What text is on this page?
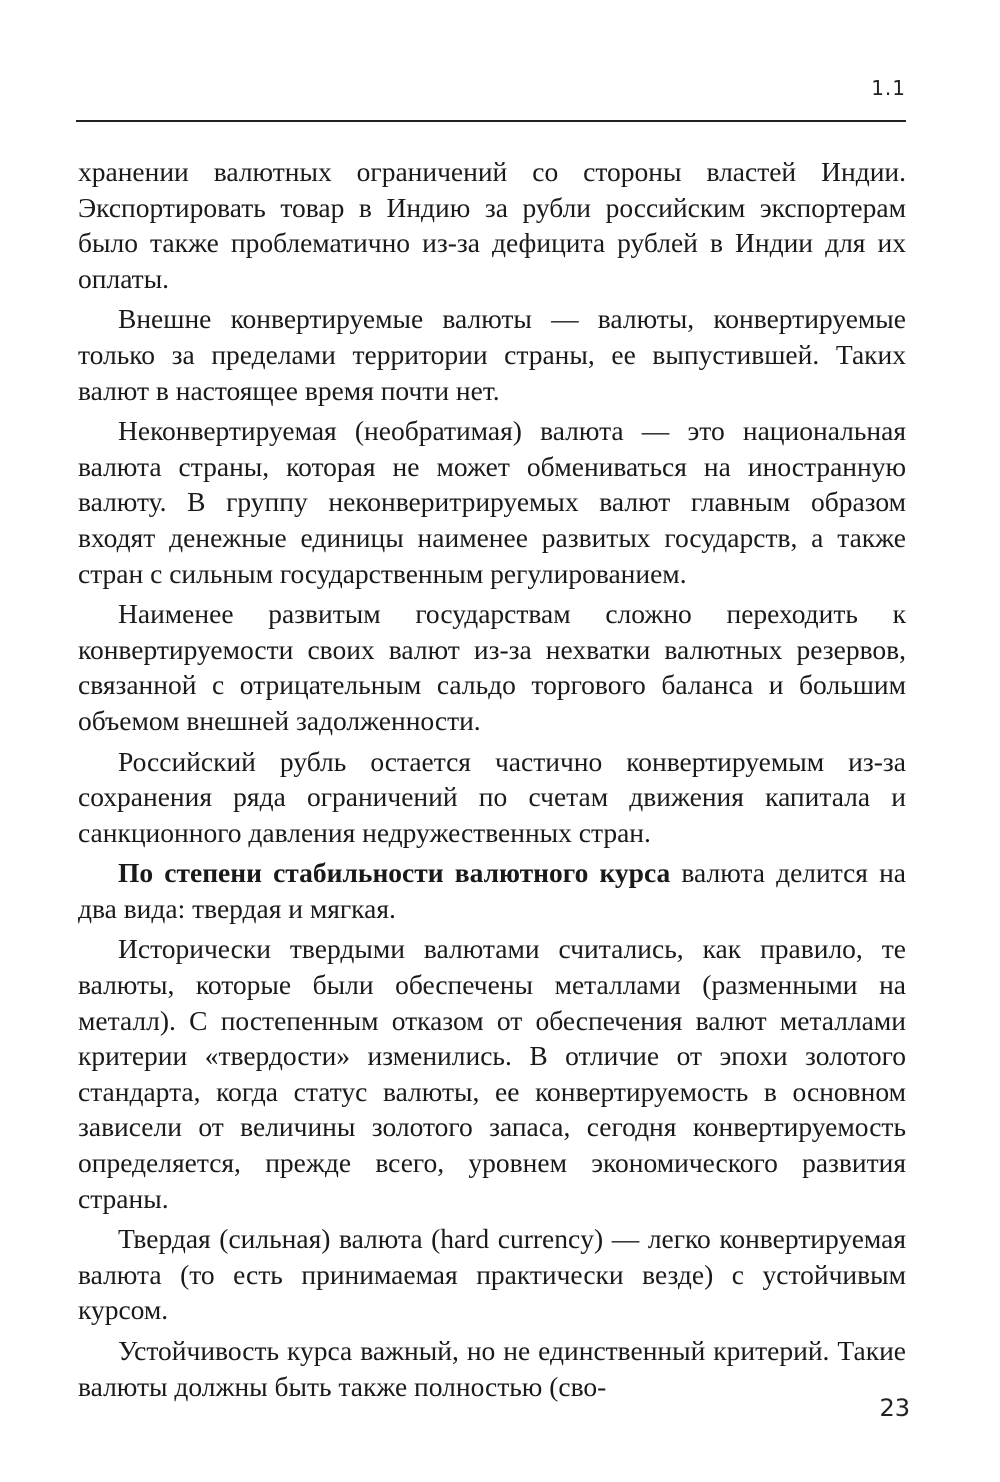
1.1

хранении валютных ограничений со стороны властей Индии. Экспортировать товар в Индию за рубли российским экспортерам было также проблематично из-за дефицита рублей в Индии для их оплаты.

Внешне конвертируемые валюты — валюты, конвертируемые только за пределами территории страны, ее выпустившей. Таких валют в настоящее время почти нет.

Неконвертируемая (необратимая) валюта — это национальная валюта страны, которая не может обмениваться на иностранную валюту. В группу неконверитрируемых валют главным образом входят денежные единицы наименее развитых государств, а также стран с сильным государственным регулированием.

Наименее развитым государствам сложно переходить к конвертируемости своих валют из-за нехватки валютных резервов, связанной с отрицательным сальдо торгового баланса и большим объемом внешней задолженности.

Российский рубль остается частично конвертируемым из-за сохранения ряда ограничений по счетам движения капитала и санкционного давления недружественных стран.

По степени стабильности валютного курса валюта делится на два вида: твердая и мягкая.

Исторически твердыми валютами считались, как правило, те валюты, которые были обеспечены металлами (разменными на металл). С постепенным отказом от обеспечения валют металлами критерии «твердости» изменились. В отличие от эпохи золотого стандарта, когда статус валюты, ее конвертируемость в основном зависели от величины золотого запаса, сегодня конвертируемость определяется, прежде всего, уровнем экономического развития страны.

Твердая (сильная) валюта (hard currency) — легко конвертируемая валюта (то есть принимаемая практически везде) с устойчивым курсом.

Устойчивость курса важный, но не единственный критерий. Такие валюты должны быть также полностью (сво-

23
